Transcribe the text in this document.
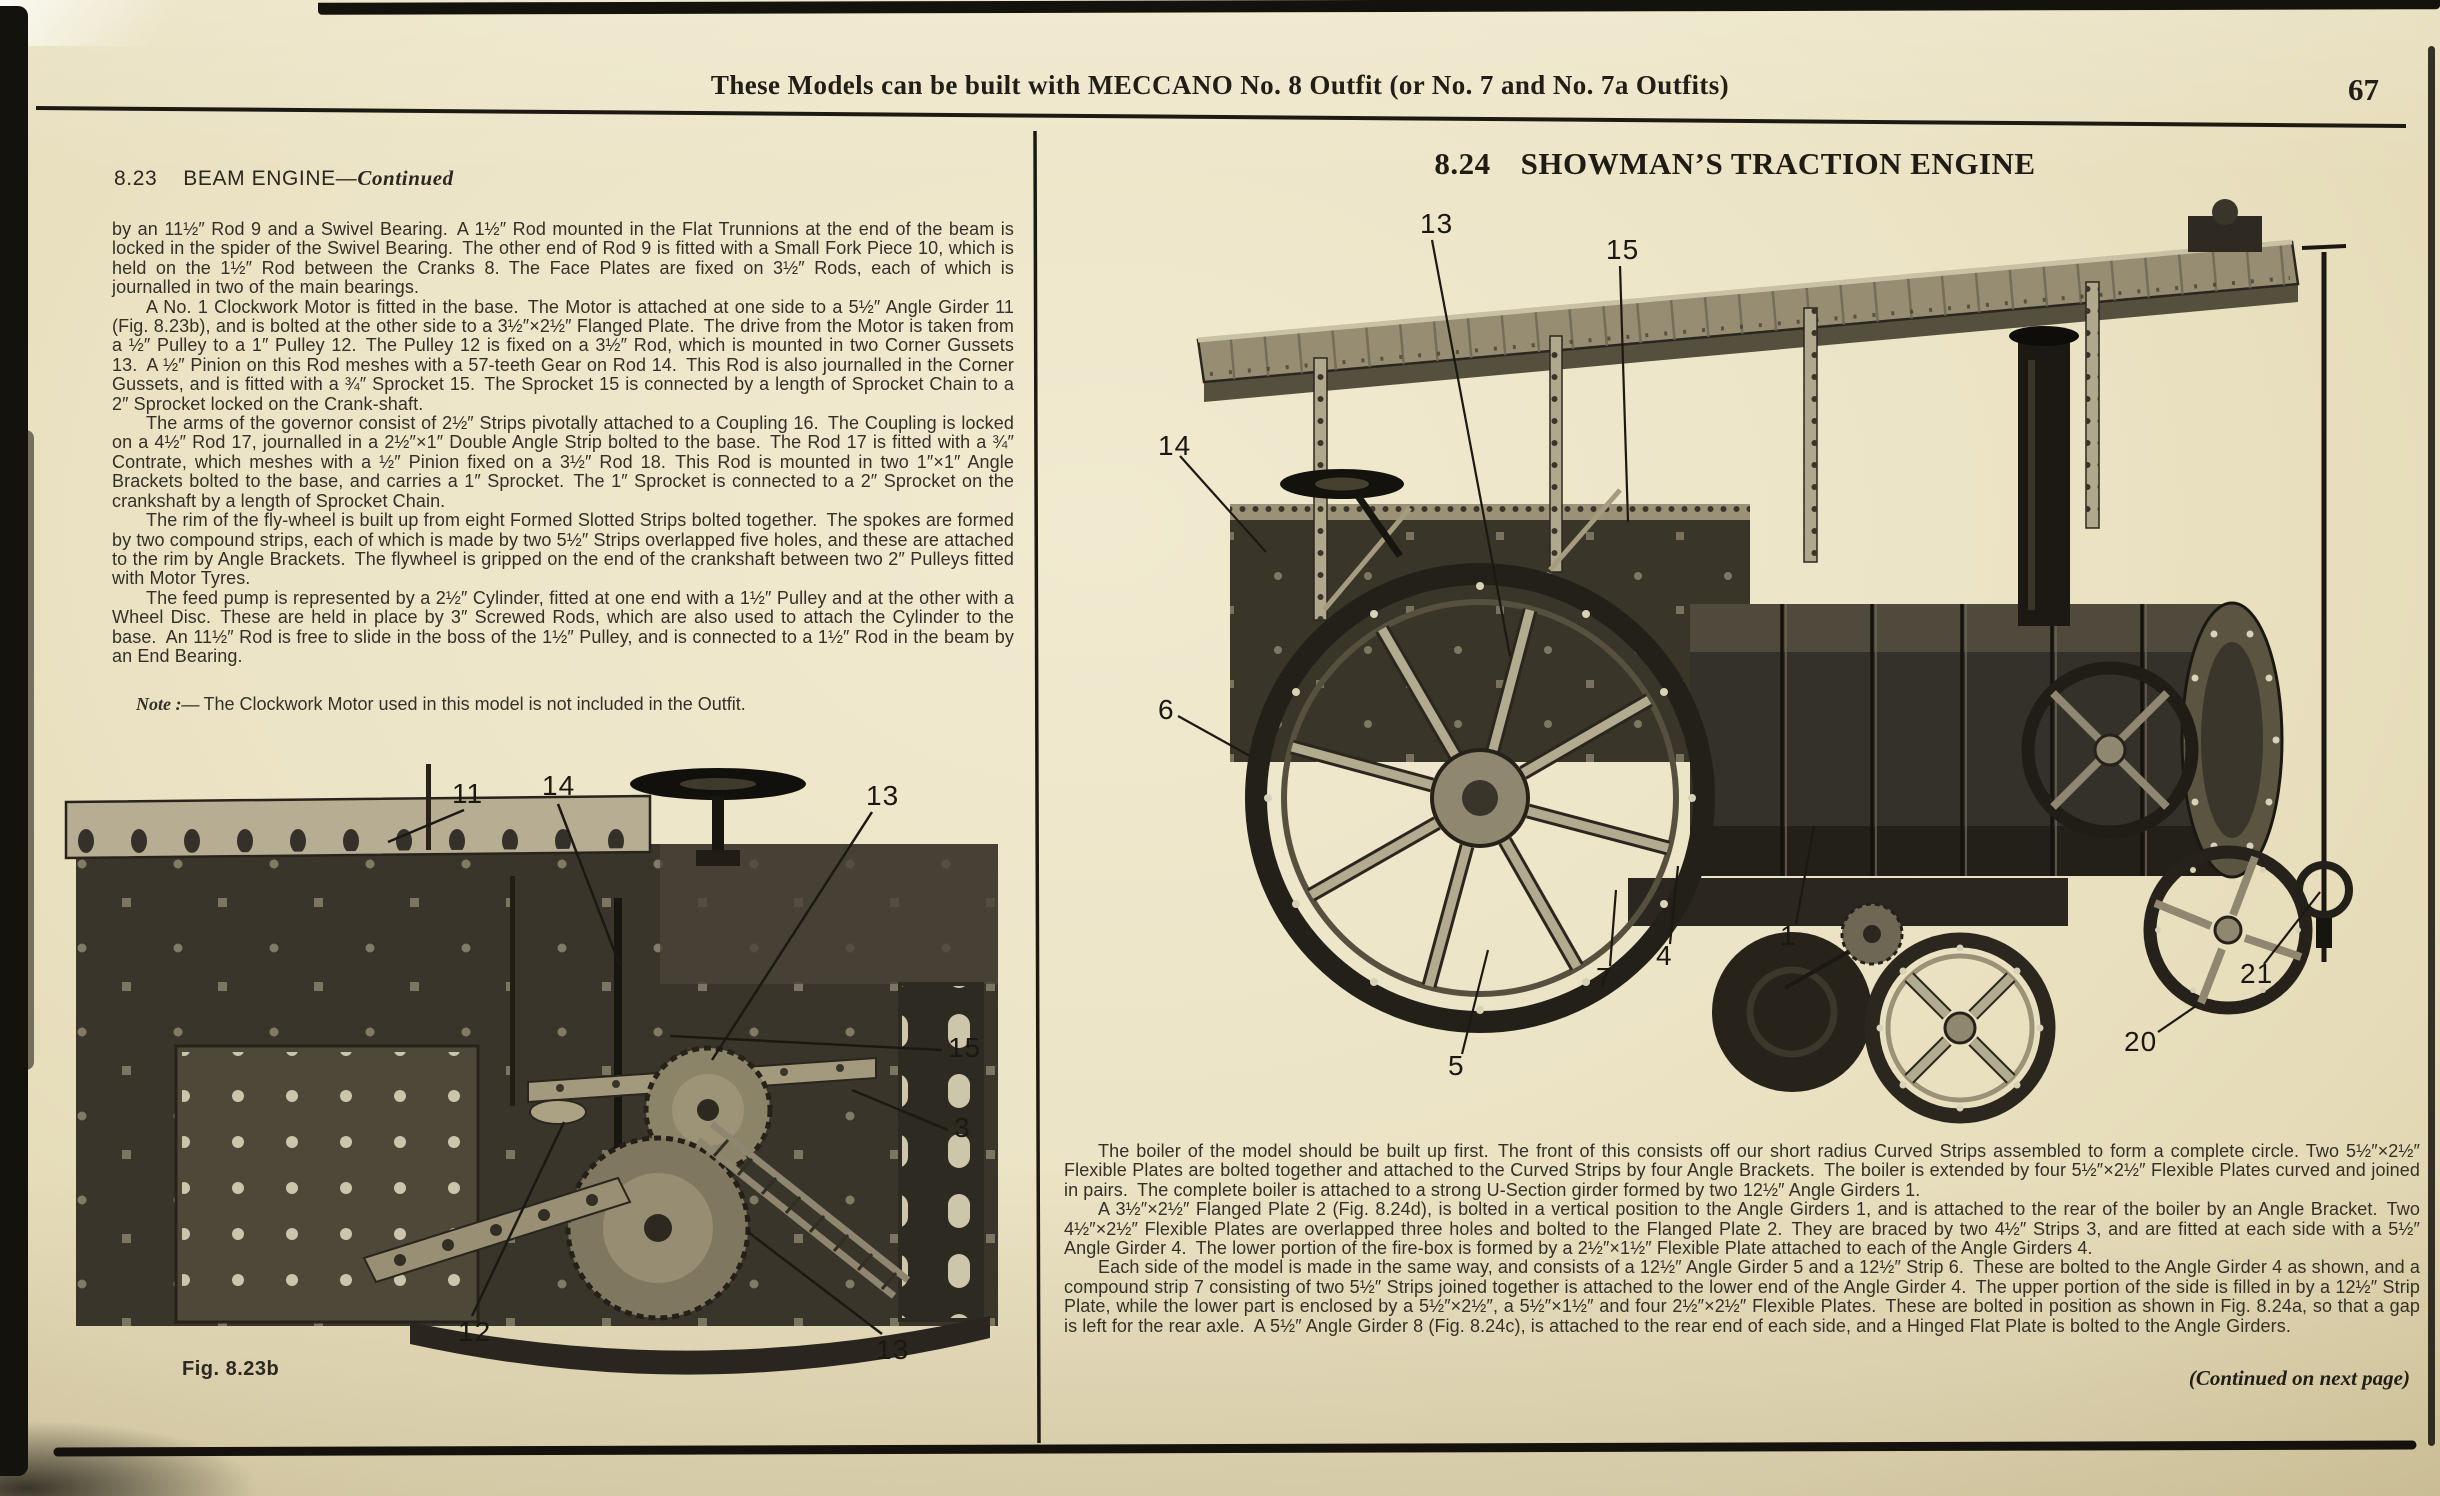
These Models can be built with MECCANO No. 8 Outfit (or No. 7 and No. 7a Outfits)	67
8.23 BEAM ENGINE—Continued

by an 11½″ Rod 9 and a Swivel Bearing. A 1½″ Rod mounted in the Flat Trunnions at the end of the beam is locked in the spider of the Swivel Bearing. The other end of Rod 9 is fitted with a Small Fork Piece 10, which is held on the 1½″ Rod between the Cranks 8. The Face Plates are fixed on 3½″ Rods, each of which is journalled in two of the main bearings.

A No. 1 Clockwork Motor is fitted in the base. The Motor is attached at one side to a 5½″ Angle Girder 11 (Fig. 8.23b), and is bolted at the other side to a 3½″×2½″ Flanged Plate. The drive from the Motor is taken from a ½″ Pulley to a 1″ Pulley 12. The Pulley 12 is fixed on a 3½″ Rod, which is mounted in two Corner Gussets 13. A ½″ Pinion on this Rod meshes with a 57-teeth Gear on Rod 14. This Rod is also journalled in the Corner Gussets, and is fitted with a ¾″ Sprocket 15. The Sprocket 15 is connected by a length of Sprocket Chain to a 2″ Sprocket locked on the Crank-shaft.

The arms of the governor consist of 2½″ Strips pivotally attached to a Coupling 16. The Coupling is locked on a 4½″ Rod 17, journalled in a 2½″×1″ Double Angle Strip bolted to the base. The Rod 17 is fitted with a ¾″ Contrate, which meshes with a ½″ Pinion fixed on a 3½″ Rod 18. This Rod is mounted in two 1″×1″ Angle Brackets bolted to the base, and carries a 1″ Sprocket. The 1″ Sprocket is connected to a 2″ Sprocket on the crankshaft by a length of Sprocket Chain.

The rim of the fly-wheel is built up from eight Formed Slotted Strips bolted together. The spokes are formed by two compound strips, each of which is made by two 5½″ Strips overlapped five holes, and these are attached to the rim by Angle Brackets. The flywheel is gripped on the end of the crankshaft between two 2″ Pulleys fitted with Motor Tyres.

The feed pump is represented by a 2½″ Cylinder, fitted at one end with a 1½″ Pulley and at the other with a Wheel Disc. These are held in place by 3″ Screwed Rods, which are also used to attach the Cylinder to the base. An 11½″ Rod is free to slide in the boss of the 1½″ Pulley, and is connected to a 1½″ Rod in the beam by an End Bearing.

Note :— The Clockwork Motor used in this model is not included in the Outfit.
11 14	13
15
3
12
13
Fig. 8.23b
8.24 SHOWMAN’S TRACTION ENGINE
13
15
14
6
5
7
4
1
21
20

The boiler of the model should be built up first. The front of this consists off our short radius Curved Strips assembled to form a complete circle. Two 5½″×2½″ Flexible Plates are bolted together and attached to the Curved Strips by four Angle Brackets. The boiler is extended by four 5½″×2½″ Flexible Plates curved and joined in pairs. The complete boiler is attached to a strong U-Section girder formed by two 12½″ Angle Girders 1.

A 3½″×2½″ Flanged Plate 2 (Fig. 8.24d), is bolted in a vertical position to the Angle Girders 1, and is attached to the rear of the boiler by an Angle Bracket. Two 4½″×2½″ Flexible Plates are overlapped three holes and bolted to the Flanged Plate 2. They are braced by two 4½″ Strips 3, and are fitted at each side with a 5½″ Angle Girder 4. The lower portion of the fire-box is formed by a 2½″×1½″ Flexible Plate attached to each of the Angle Girders 4.

Each side of the model is made in the same way, and consists of a 12½″ Angle Girder 5 and a 12½″ Strip 6. These are bolted to the Angle Girder 4 as shown, and a compound strip 7 consisting of two 5½″ Strips joined together is attached to the lower end of the Angle Girder 4. The upper portion of the side is filled in by a 12½″ Strip Plate, while the lower part is enclosed by a 5½″×2½″, a 5½″×1½″ and four 2½″×2½″ Flexible Plates. These are bolted in position as shown in Fig. 8.24a, so that a gap is left for the rear axle. A 5½″ Angle Girder 8 (Fig. 8.24c), is attached to the rear end of each side, and a Hinged Flat Plate is bolted to the Angle Girders.

(Continued on next page)
